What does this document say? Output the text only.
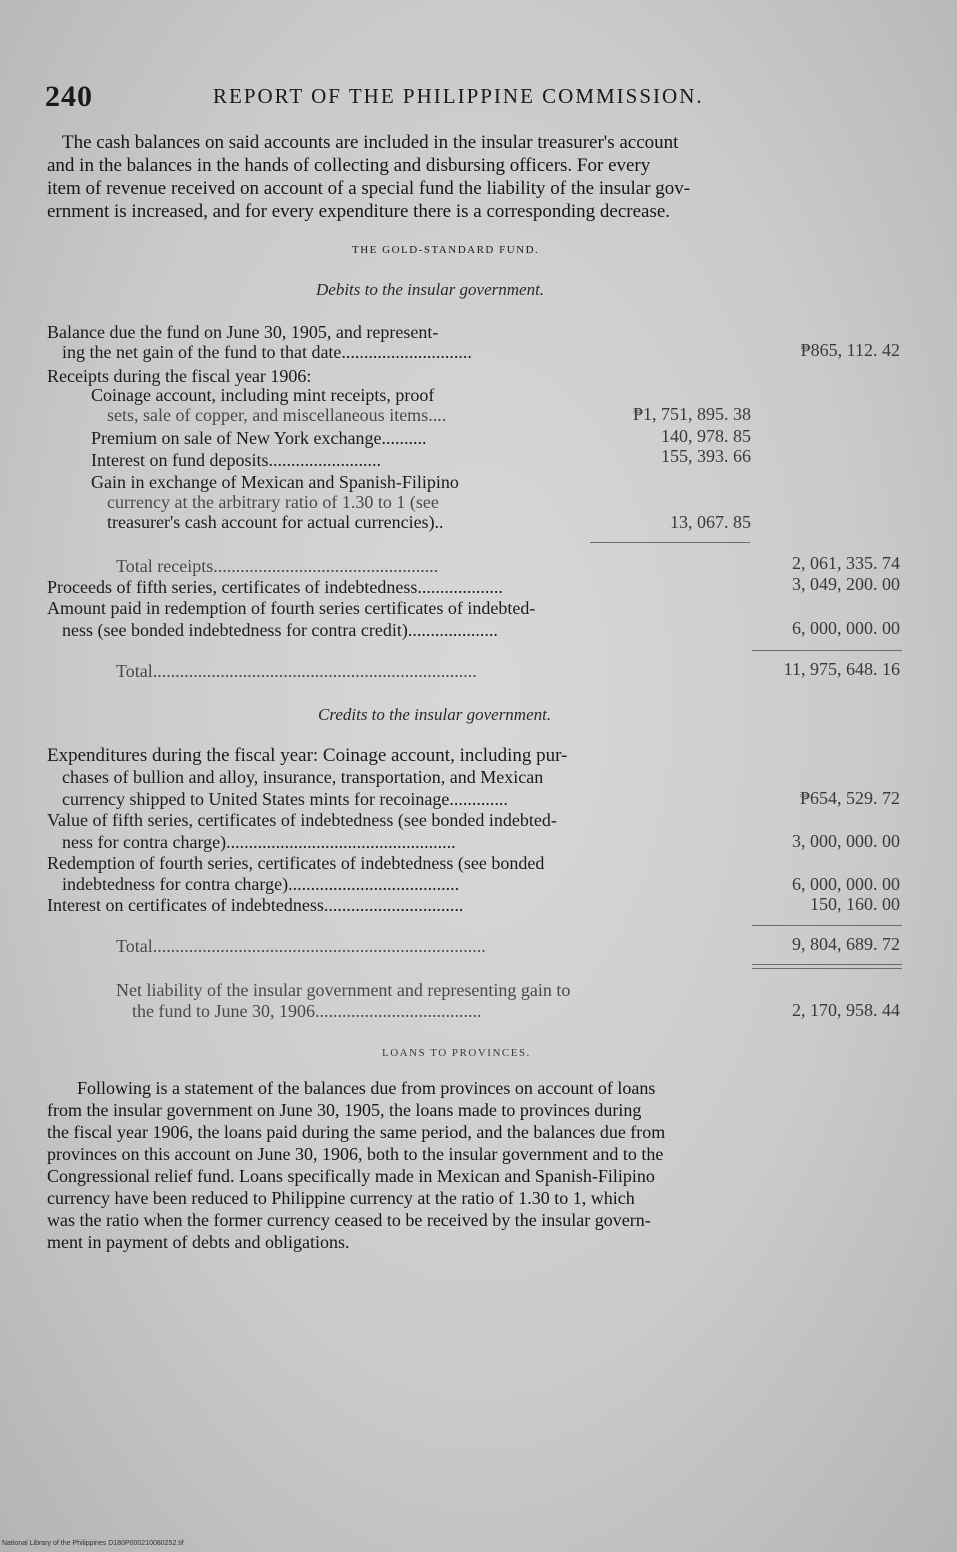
240	REPORT OF THE PHILIPPINE COMMISSION.
The cash balances on said accounts are included in the insular treasurer's account
and in the balances in the hands of collecting and disbursing officers. For every
item of revenue received on account of a special fund the liability of the insular gov-
ernment is increased, and for every expenditure there is a corresponding decrease.
THE GOLD-STANDARD FUND.
Debits to the insular government.
Balance due the fund on June 30, 1905, and represent-
ing the net gain of the fund to that date.............................	₱865, 112. 42
Receipts during the fiscal year 1906:
Coinage account, including mint receipts, proof
sets, sale of copper, and miscellaneous items....	₱1, 751, 895. 38
Premium on sale of New York exchange..........	140, 978. 85
Interest on fund deposits.........................	155, 393. 66
Gain in exchange of Mexican and Spanish-Filipino
currency at the arbitrary ratio of 1.30 to 1 (see
treasurer's cash account for actual currencies)..	13, 067. 85
Total receipts..................................................	2, 061, 335. 74
Proceeds of fifth series, certificates of indebtedness...................	3, 049, 200. 00
Amount paid in redemption of fourth series certificates of indebted-
ness (see bonded indebtedness for contra credit)....................	6, 000, 000. 00
Total........................................................................	11, 975, 648. 16
Credits to the insular government.
Expenditures during the fiscal year: Coinage account, including pur-
chases of bullion and alloy, insurance, transportation, and Mexican
currency shipped to United States mints for recoinage.............	₱654, 529. 72
Value of fifth series, certificates of indebtedness (see bonded indebted-
ness for contra charge)...................................................	3, 000, 000. 00
Redemption of fourth series, certificates of indebtedness (see bonded
indebtedness for contra charge)......................................	6, 000, 000. 00
Interest on certificates of indebtedness...............................	150, 160. 00
Total..........................................................................	9, 804, 689. 72
Net liability of the insular government and representing gain to
the fund to June 30, 1906.....................................	2, 170, 958. 44
LOANS TO PROVINCES.
Following is a statement of the balances due from provinces on account of loans
from the insular government on June 30, 1905, the loans made to provinces during
the fiscal year 1906, the loans paid during the same period, and the balances due from
provinces on this account on June 30, 1906, both to the insular government and to the
Congressional relief fund. Loans specifically made in Mexican and Spanish-Filipino
currency have been reduced to Philippine currency at the ratio of 1.30 to 1, which
was the ratio when the former currency ceased to be received by the insular govern-
ment in payment of debts and obligations.
National Library of the Philippines D180P000210080252.tif
